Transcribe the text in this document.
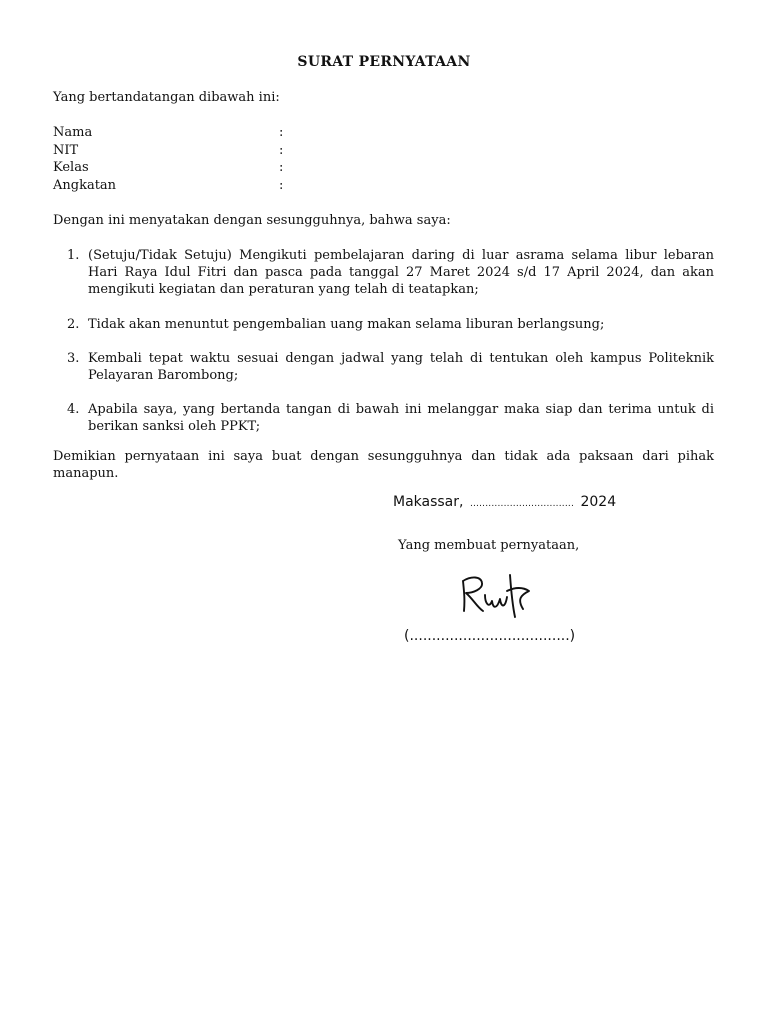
SURAT PERNYATAAN
Yang bertandatangan dibawah ini:
Nama	:
NIT	:
Kelas	:
Angkatan	:
Dengan ini menyatakan dengan sesungguhnya, bahwa saya:
1. (Setuju/Tidak Setuju) Mengikuti pembelajaran daring di luar asrama selama libur lebaran Hari Raya Idul Fitri dan pasca pada tanggal 27 Maret 2024 s/d 17 April 2024, dan akan mengikuti kegiatan dan peraturan yang telah di teatapkan;
2. Tidak akan menuntut pengembalian uang makan selama liburan berlangsung;
3. Kembali tepat waktu sesuai dengan jadwal yang telah di tentukan oleh kampus Politeknik Pelayaran Barombong;
4. Apabila saya, yang bertanda tangan di bawah ini melanggar maka siap dan terima untuk di berikan sanksi oleh PPKT;
Demikian pernyataan ini saya buat dengan sesungguhnya dan tidak ada paksaan dari pihak manapun.
Makassar, .................................. 2024
Yang membuat pernyataan,
(....................................)
